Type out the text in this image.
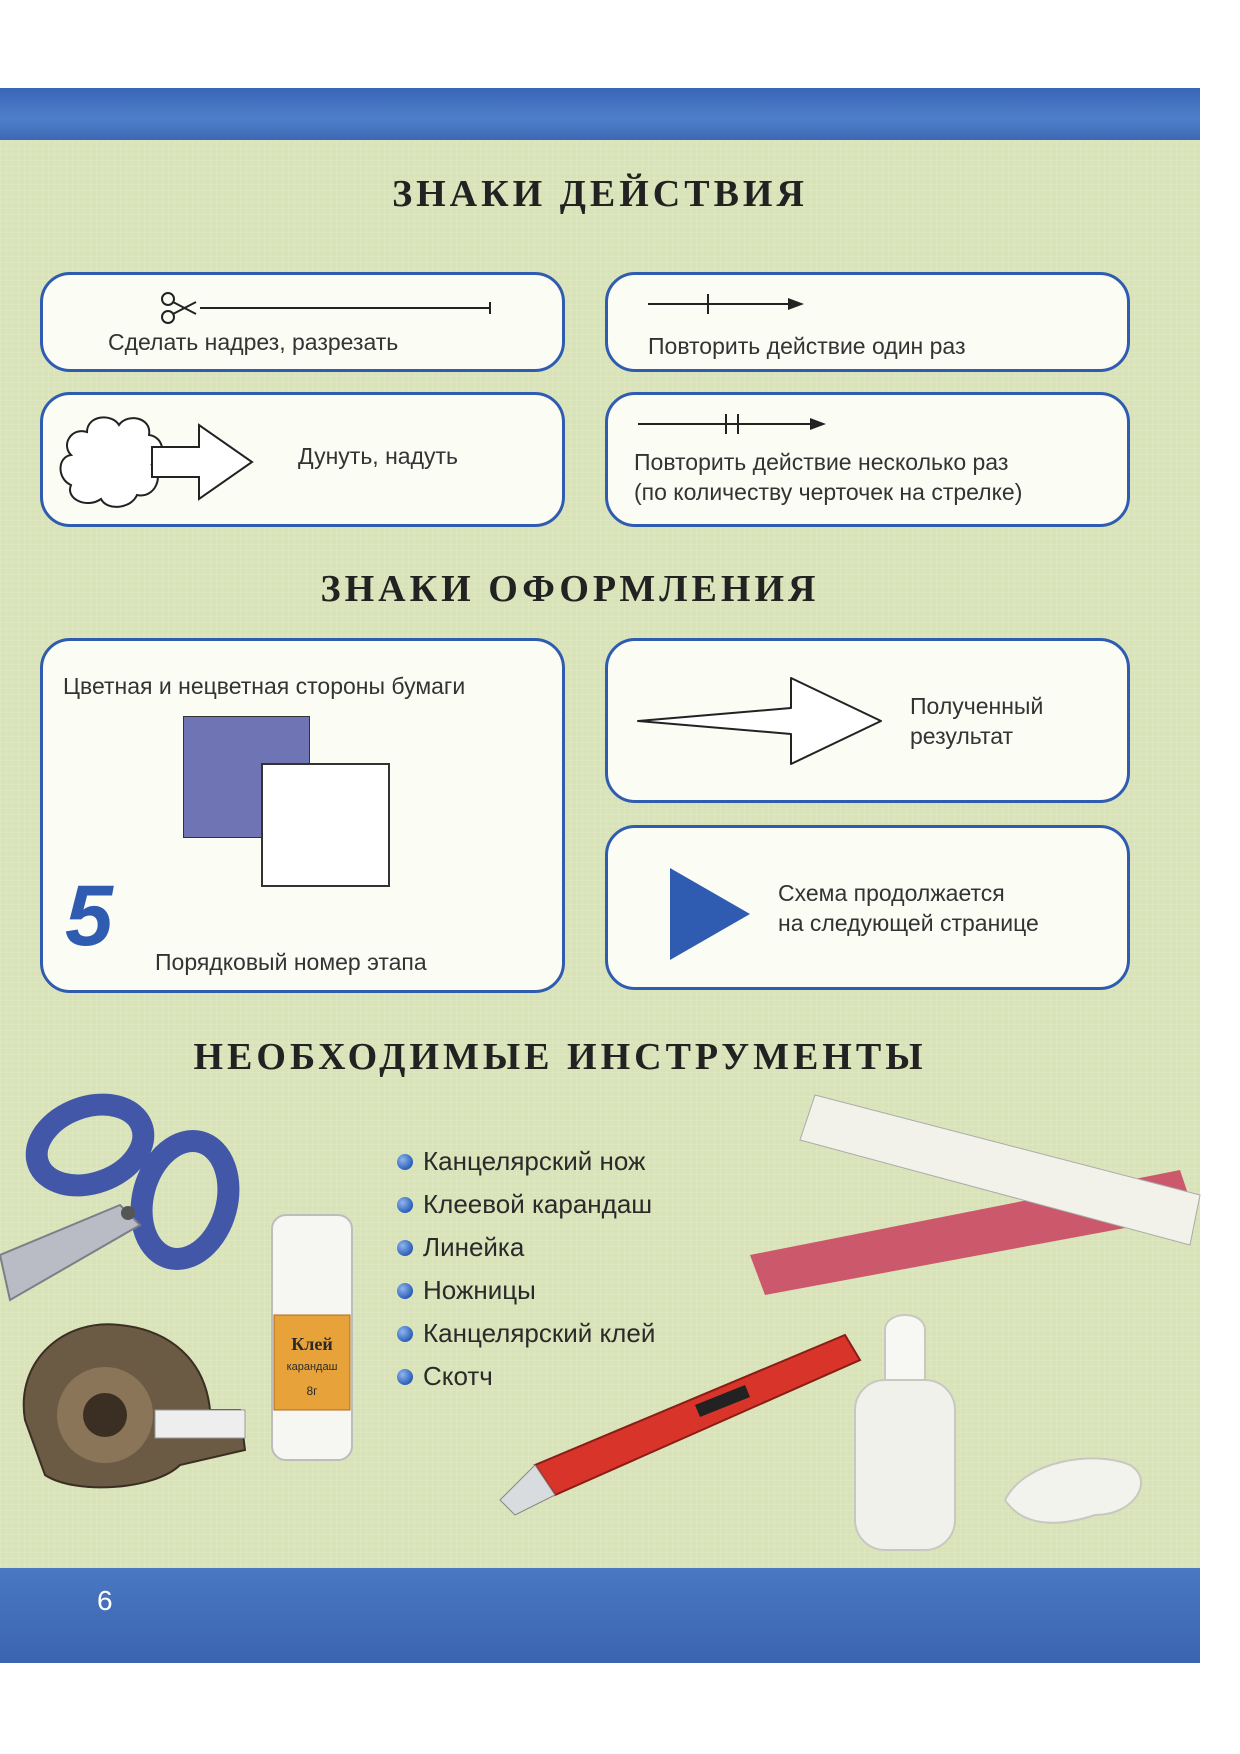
ЗНАКИ ДЕЙСТВИЯ
Сделать надрез, разрезать	Повторить действие один раз
Дунуть, надуть	Повторить действие несколько раз
(по количеству черточек на стрелке)
ЗНАКИ ОФОРМЛЕНИЯ
Цветная и нецветная стороны бумаги
5 Порядковый номер этапа
Полученный
результат
Схема продолжается
на следующей странице
НЕОБХОДИМЫЕ ИНСТРУМЕНТЫ
Канцелярский нож
Клеевой карандаш
Линейка
Ножницы
Канцелярский клей
Скотч
Клей
карандаш
8г
6
